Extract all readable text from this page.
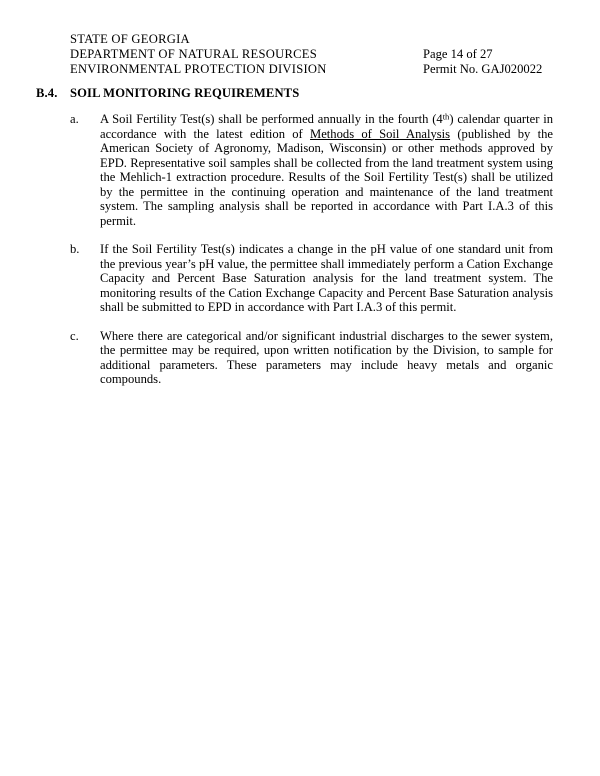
STATE OF GEORGIA
DEPARTMENT OF NATURAL RESOURCES	Page 14 of 27
ENVIRONMENTAL PROTECTION DIVISION	Permit No. GAJ020022
B.4. SOIL MONITORING REQUIREMENTS
a.	A Soil Fertility Test(s) shall be performed annually in the fourth (4th) calendar quarter in accordance with the latest edition of Methods of Soil Analysis (published by the American Society of Agronomy, Madison, Wisconsin) or other methods approved by EPD. Representative soil samples shall be collected from the land treatment system using the Mehlich-1 extraction procedure. Results of the Soil Fertility Test(s) shall be utilized by the permittee in the continuing operation and maintenance of the land treatment system. The sampling analysis shall be reported in accordance with Part I.A.3 of this permit.
b.	If the Soil Fertility Test(s) indicates a change in the pH value of one standard unit from the previous year’s pH value, the permittee shall immediately perform a Cation Exchange Capacity and Percent Base Saturation analysis for the land treatment system. The monitoring results of the Cation Exchange Capacity and Percent Base Saturation analysis shall be submitted to EPD in accordance with Part I.A.3 of this permit.
c.	Where there are categorical and/or significant industrial discharges to the sewer system, the permittee may be required, upon written notification by the Division, to sample for additional parameters. These parameters may include heavy metals and organic compounds.
